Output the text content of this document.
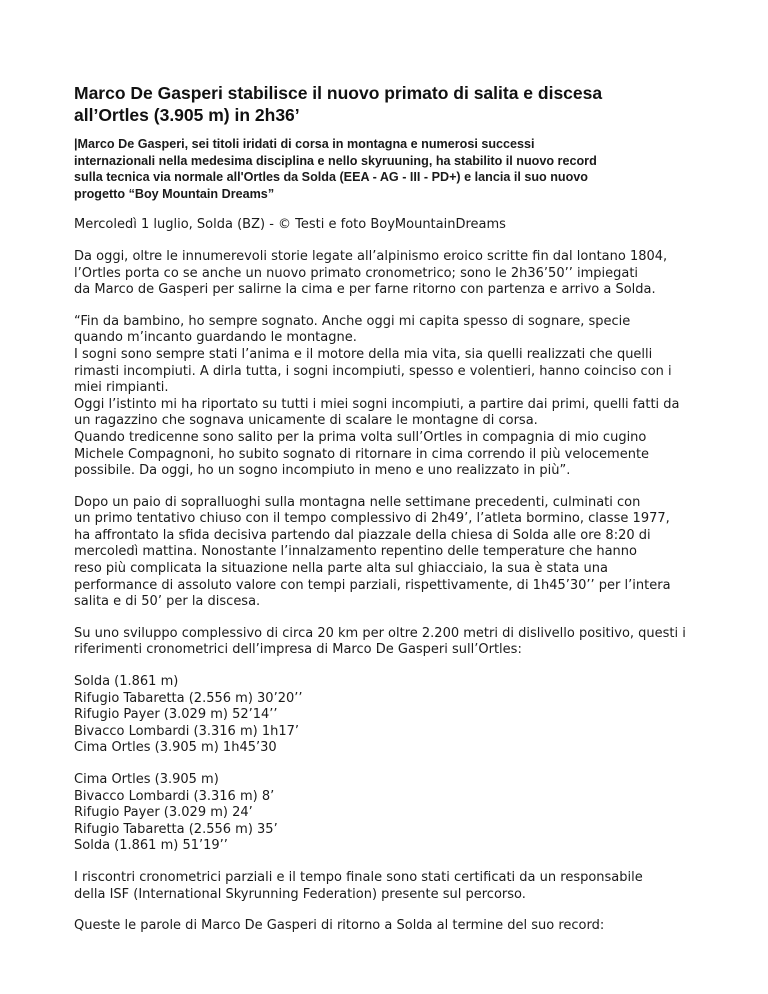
Marco De Gasperi stabilisce il nuovo primato di salita e discesa
all’Ortles (3.905 m) in 2h36’
|Marco De Gasperi, sei titoli iridati di corsa in montagna e numerosi successi
internazionali nella medesima disciplina e nello skyruuning, ha stabilito il nuovo record
sulla tecnica via normale all'Ortles da Solda (EEA - AG - III - PD+) e lancia il suo nuovo
progetto “Boy Mountain Dreams”

Mercoledì 1 luglio, Solda (BZ) - © Testi e foto BoyMountainDreams

Da oggi, oltre le innumerevoli storie legate all’alpinismo eroico scritte fin dal lontano 1804,
l’Ortles porta co se anche un nuovo primato cronometrico; sono le 2h36’50’’ impiegati
da Marco de Gasperi per salirne la cima e per farne ritorno con partenza e arrivo a Solda.

“Fin da bambino, ho sempre sognato. Anche oggi mi capita spesso di sognare, specie
quando m’incanto guardando le montagne.
I sogni sono sempre stati l’anima e il motore della mia vita, sia quelli realizzati che quelli
rimasti incompiuti. A dirla tutta, i sogni incompiuti, spesso e volentieri, hanno coinciso con i
miei rimpianti.
Oggi l’istinto mi ha riportato su tutti i miei sogni incompiuti, a partire dai primi, quelli fatti da
un ragazzino che sognava unicamente di scalare le montagne di corsa.
Quando tredicenne sono salito per la prima volta sull’Ortles in compagnia di mio cugino
Michele Compagnoni, ho subito sognato di ritornare in cima correndo il più velocemente
possibile. Da oggi, ho un sogno incompiuto in meno e uno realizzato in più”.

Dopo un paio di sopralluoghi sulla montagna nelle settimane precedenti, culminati con
un primo tentativo chiuso con il tempo complessivo di 2h49’, l’atleta bormino, classe 1977,
ha affrontato la sfida decisiva partendo dal piazzale della chiesa di Solda alle ore 8:20 di
mercoledì mattina. Nonostante l’innalzamento repentino delle temperature che hanno
reso più complicata la situazione nella parte alta sul ghiacciaio, la sua è stata una
performance di assoluto valore con tempi parziali, rispettivamente, di 1h45’30’’ per l’intera
salita e di 50’ per la discesa.

Su uno sviluppo complessivo di circa 20 km per oltre 2.200 metri di dislivello positivo, questi i
riferimenti cronometrici dell’impresa di Marco De Gasperi sull’Ortles:

Solda (1.861 m)
Rifugio Tabaretta (2.556 m) 30’20’’
Rifugio Payer (3.029 m) 52’14’’
Bivacco Lombardi (3.316 m) 1h17’
Cima Ortles (3.905 m) 1h45’30
Cima Ortles (3.905 m)
Bivacco Lombardi (3.316 m) 8’
Rifugio Payer (3.029 m) 24’
Rifugio Tabaretta (2.556 m) 35’
Solda (1.861 m) 51’19’’

I riscontri cronometrici parziali e il tempo finale sono stati certificati da un responsabile
della ISF (International Skyrunning Federation) presente sul percorso.

Queste le parole di Marco De Gasperi di ritorno a Solda al termine del suo record:
